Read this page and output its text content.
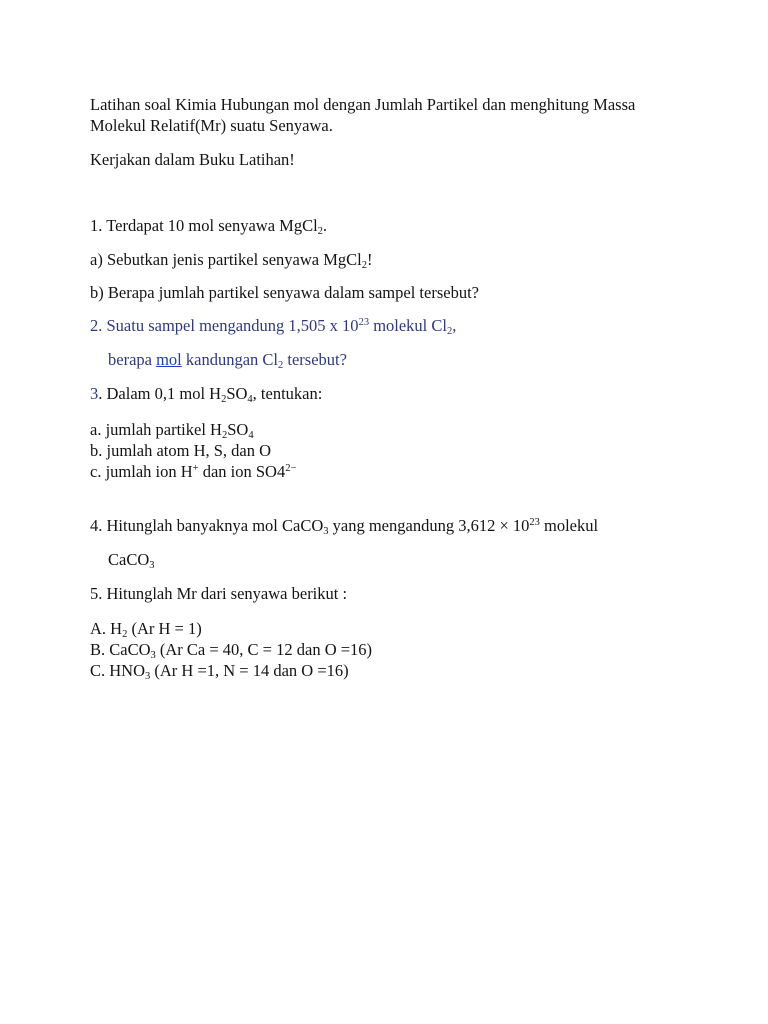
Latihan soal Kimia Hubungan mol dengan Jumlah Partikel dan menghitung Massa
Molekul Relatif(Mr) suatu Senyawa.
Kerjakan dalam Buku Latihan!
1. Terdapat 10 mol senyawa MgCl$_2$.
a) Sebutkan jenis partikel senyawa MgCl$_2$!
b) Berapa jumlah partikel senyawa dalam sampel tersebut?
2. Suatu sampel mengandung 1,505 x $10^{23}$ molekul $Cl_2$,
berapa mol kandungan $Cl_2$ tersebut?
3. Dalam 0,1 mol $H_2SO_4$, tentukan:
a. jumlah partikel $H_2SO_4$
b. jumlah atom H, S, dan O
c. jumlah ion H+ dan ion $SO4^{2-}$
4. Hitunglah banyaknya mol CaCO$_3$ yang mengandung $3,612 \times 10^{23}$ molekul
CaCO$_3$
5. Hitunglah Mr dari senyawa berikut :
A. $H_2$ (Ar H = 1)
B. CaCO$_3$ (Ar Ca = 40, C = 12 dan O =16)
C. $HNO_3$ (Ar H =1, N = 14 dan O =16)
